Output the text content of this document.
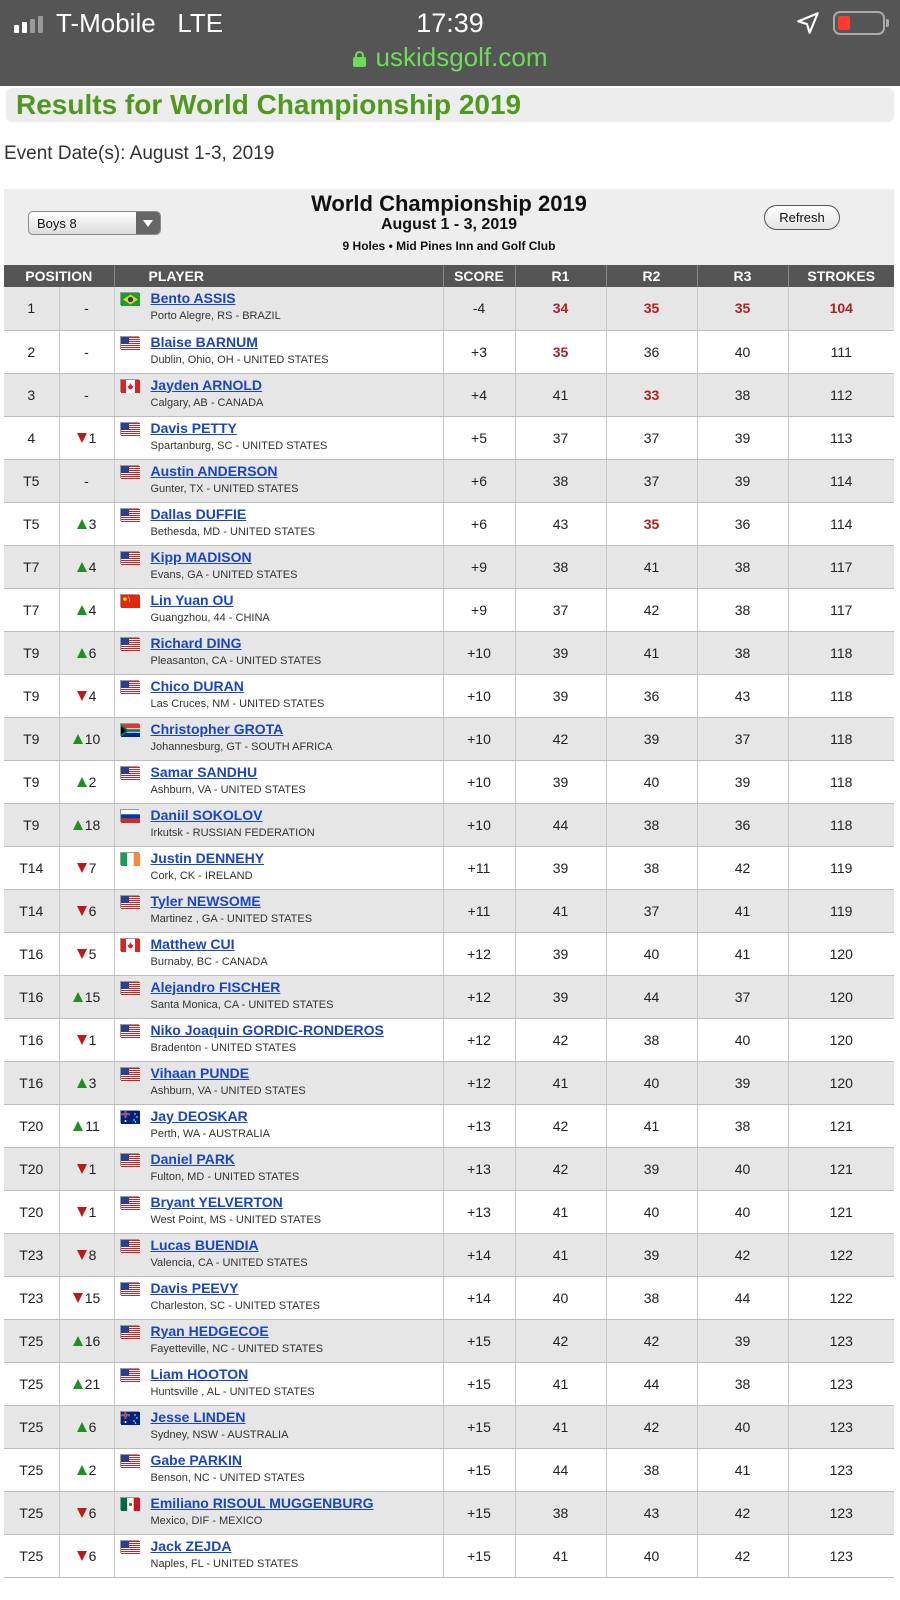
T-Mobile LTE	17:39
uskidsgolf.com
Results for World Championship 2019
Event Date(s): August 1-3, 2019
Boys 8
World Championship 2019
August 1 - 3, 2019
9 Holes • Mid Pines Inn and Golf Club
Refresh
POSITION		PLAYER	SCORE	R1	R2	R3	STROKES
1	-	Bento ASSIS
Porto Alegre, RS - BRAZIL	-4	34	35	35	104
2	-	Blaise BARNUM
Dublin, Ohio, OH - UNITED STATES	+3	35	36	40	111
3	-	Jayden ARNOLD
Calgary, AB - CANADA	+4	41	33	38	112
4	1	Davis PETTY
Spartanburg, SC - UNITED STATES	+5	37	37	39	113
T5	-	Austin ANDERSON
Gunter, TX - UNITED STATES	+6	38	37	39	114
T5	3	Dallas DUFFIE
Bethesda, MD - UNITED STATES	+6	43	35	36	114
T7	4	Kipp MADISON
Evans, GA - UNITED STATES	+9	38	41	38	117
T7	4	Lin Yuan OU
Guangzhou, 44 - CHINA	+9	37	42	38	117
T9	6	Richard DING
Pleasanton, CA - UNITED STATES	+10	39	41	38	118
T9	4	Chico DURAN
Las Cruces, NM - UNITED STATES	+10	39	36	43	118
T9	10	Christopher GROTA
Johannesburg, GT - SOUTH AFRICA	+10	42	39	37	118
T9	2	Samar SANDHU
Ashburn, VA - UNITED STATES	+10	39	40	39	118
T9	18	Daniil SOKOLOV
Irkutsk - RUSSIAN FEDERATION	+10	44	38	36	118
T14	7	Justin DENNEHY
Cork, CK - IRELAND	+11	39	38	42	119
T14	6	Tyler NEWSOME
Martinez , GA - UNITED STATES	+11	41	37	41	119
T16	5	Matthew CUI
Burnaby, BC - CANADA	+12	39	40	41	120
T16	15	Alejandro FISCHER
Santa Monica, CA - UNITED STATES	+12	39	44	37	120
T16	1	Niko Joaquin GORDIC-RONDEROS
Bradenton - UNITED STATES	+12	42	38	40	120
T16	3	Vihaan PUNDE
Ashburn, VA - UNITED STATES	+12	41	40	39	120
T20	11	Jay DEOSKAR
Perth, WA - AUSTRALIA	+13	42	41	38	121
T20	1	Daniel PARK
Fulton, MD - UNITED STATES	+13	42	39	40	121
T20	1	Bryant YELVERTON
West Point, MS - UNITED STATES	+13	41	40	40	121
T23	8	Lucas BUENDIA
Valencia, CA - UNITED STATES	+14	41	39	42	122
T23	15	Davis PEEVY
Charleston, SC - UNITED STATES	+14	40	38	44	122
T25	16	Ryan HEDGECOE
Fayetteville, NC - UNITED STATES	+15	42	42	39	123
T25	21	Liam HOOTON
Huntsville , AL - UNITED STATES	+15	41	44	38	123
T25	6	Jesse LINDEN
Sydney, NSW - AUSTRALIA	+15	41	42	40	123
T25	2	Gabe PARKIN
Benson, NC - UNITED STATES	+15	44	38	41	123
T25	6	Emiliano RISOUL MUGGENBURG
Mexico, DIF - MEXICO	+15	38	43	42	123
T25	6	Jack ZEJDA
Naples, FL - UNITED STATES	+15	41	40	42	123
